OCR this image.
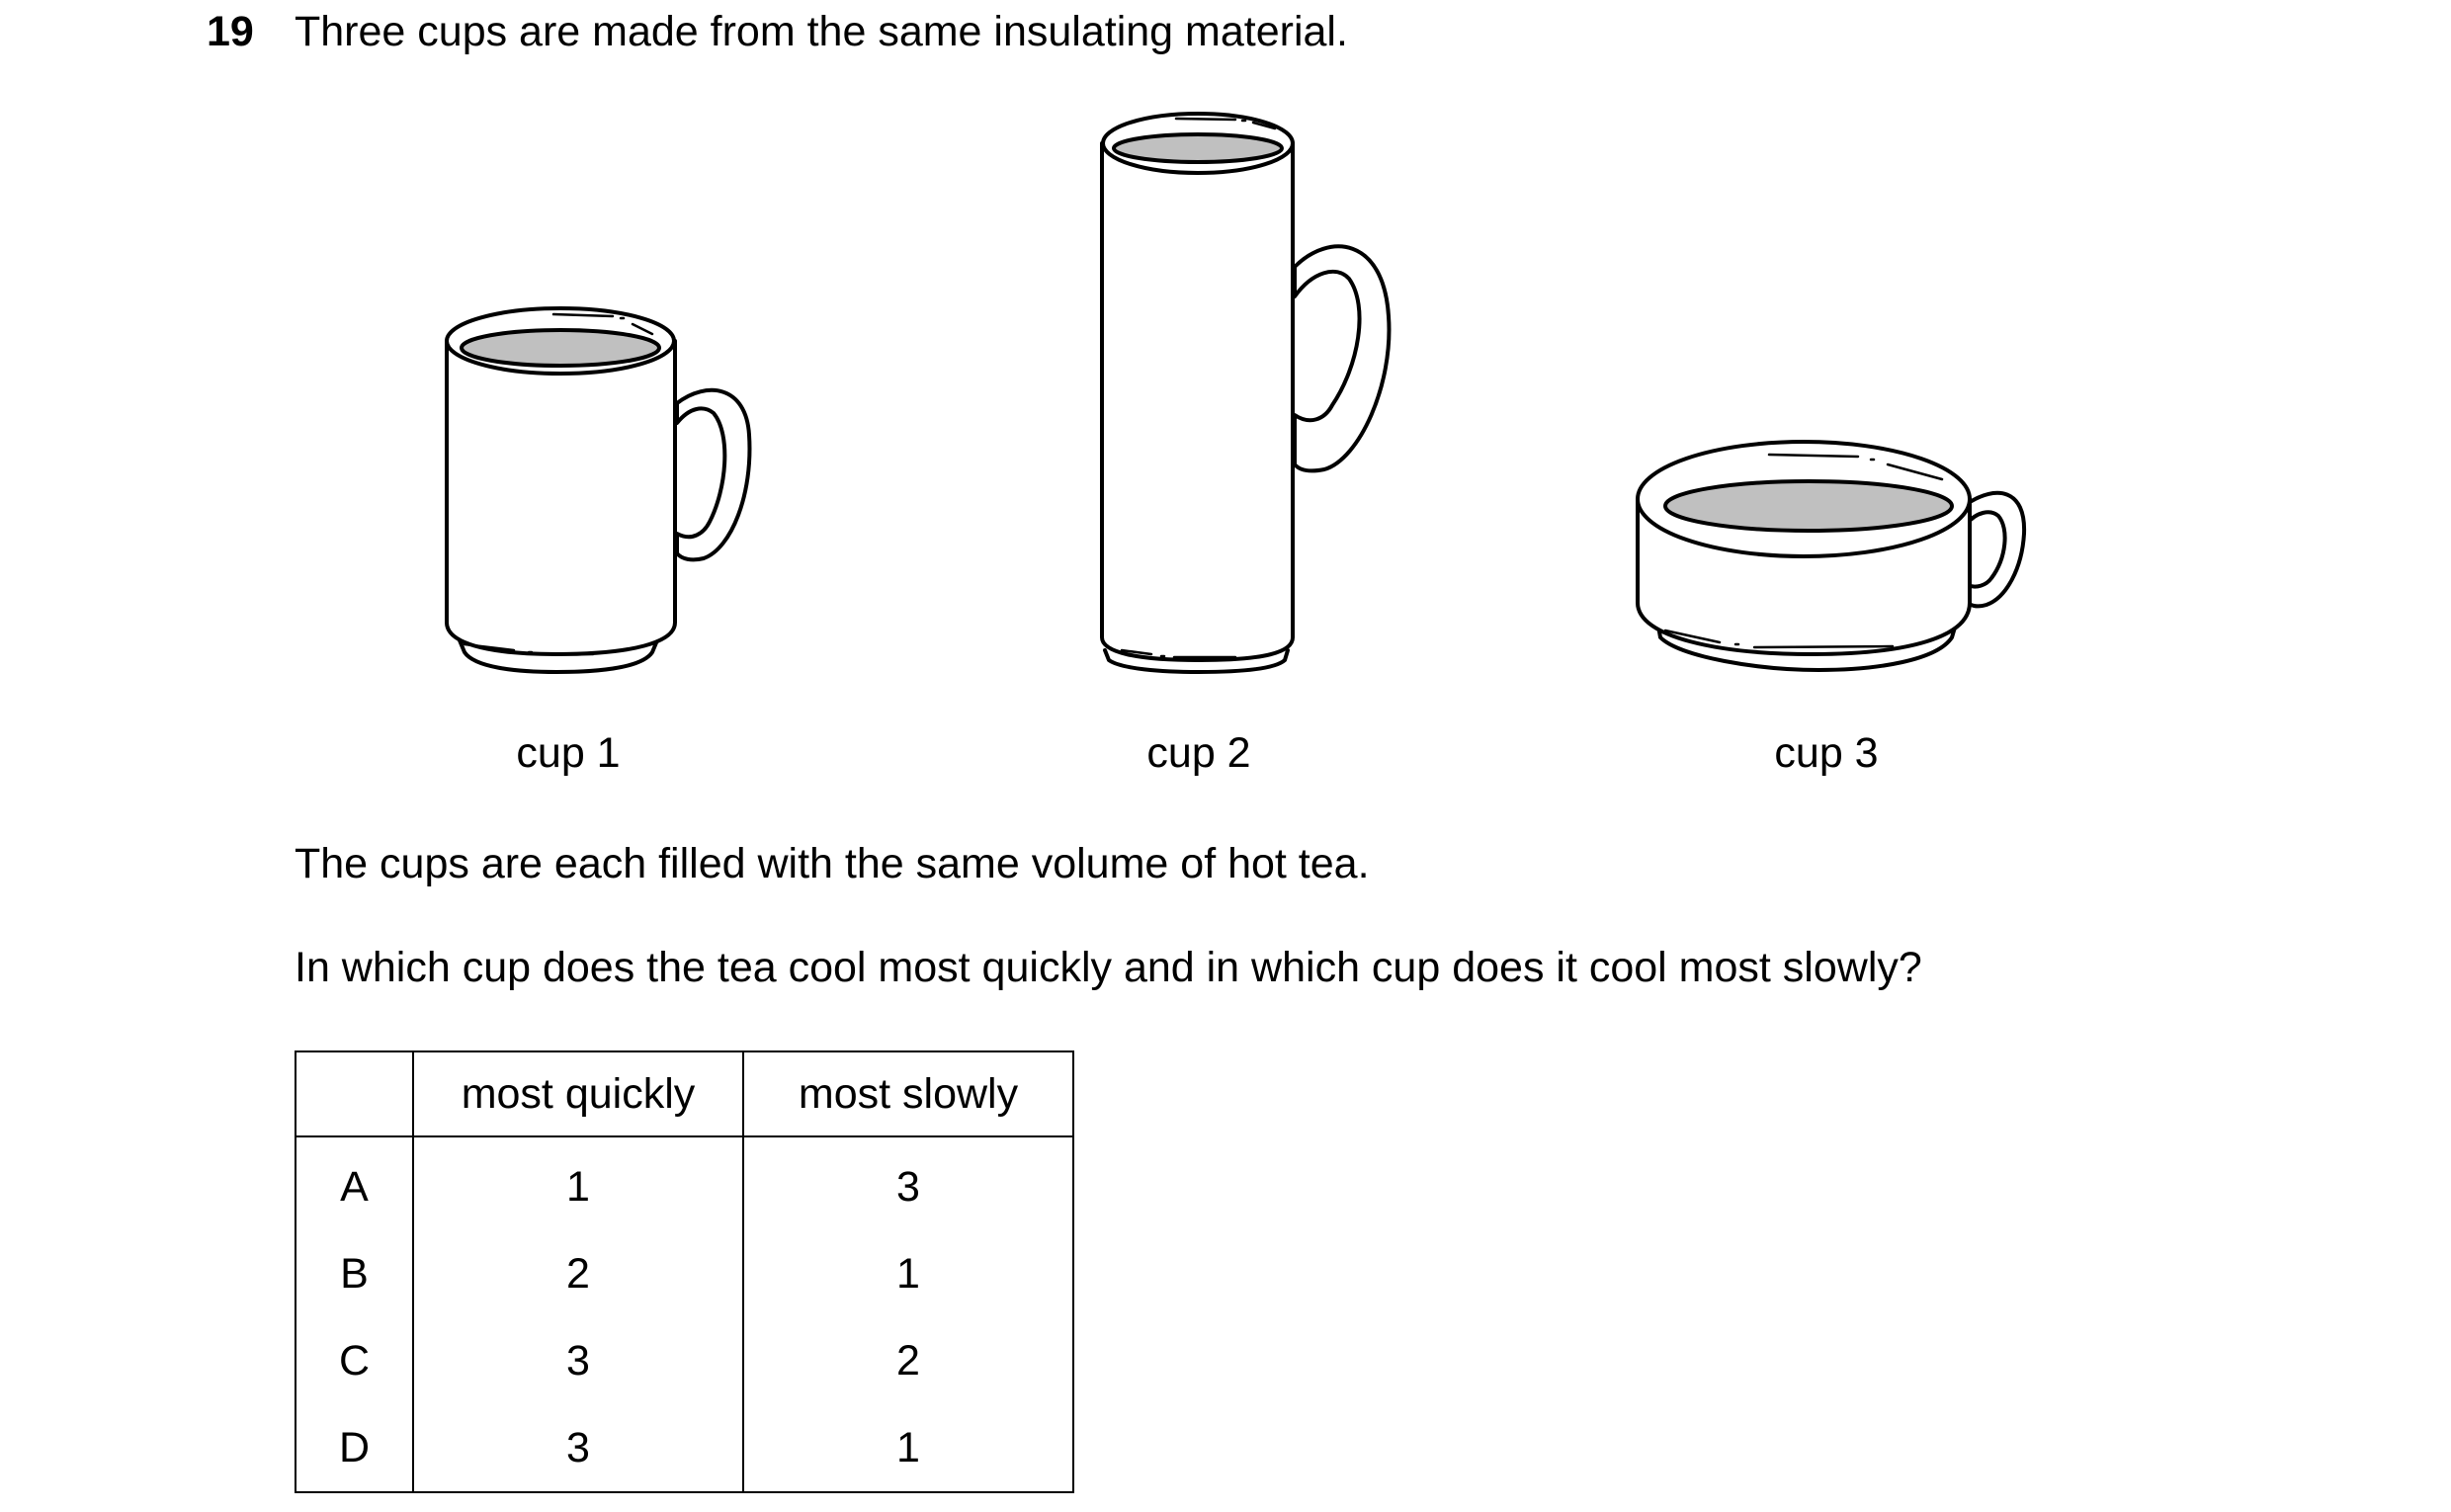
19 Three cups are made from the same insulating material.
cup 1	cup 2	cup 3
The cups are each filled with the same volume of hot tea.
In which cup does the tea cool most quickly and in which cup does it cool most slowly?
	most quickly	most slowly
A	1	3
B	2	1
C	3	2
D	3	1
